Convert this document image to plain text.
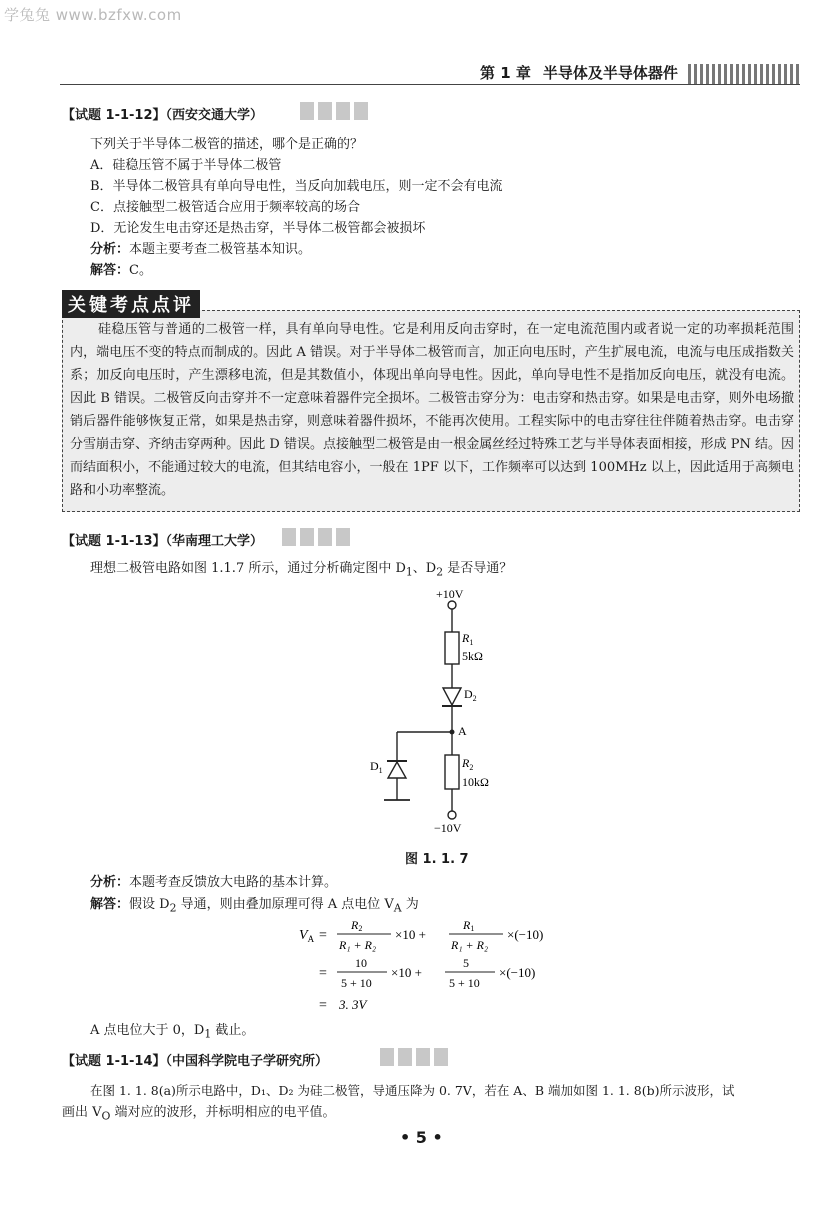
学兔兔 www.bzfxw.com
第 1 章 半导体及半导体器件
【试题 1-1-12】（西安交通大学）
下列关于半导体二极管的描述，哪个是正确的？
A．硅稳压管不属于半导体二极管
B．半导体二极管具有单向导电性，当反向加载电压，则一定不会有电流
C．点接触型二极管适合应用于频率较高的场合
D．无论发生电击穿还是热击穿，半导体二极管都会被损坏
分析：本题主要考查二极管基本知识。
解答：C。
关键考点点评
硅稳压管与普通的二极管一样，具有单向导电性。它是利用反向击穿时，在一定电流范围内或者说一定的功率损耗范围内，端电压不变的特点而制成的。因此 A 错误。对于半导体二极管而言，加正向电压时，产生扩展电流，电流与电压成指数关系；加反向电压时，产生漂移电流，但是其数值小，体现出单向导电性。因此，单向导电性不是指加反向电压，就没有电流。因此 B 错误。二极管反向击穿并不一定意味着器件完全损坏。二极管击穿分为：电击穿和热击穿。如果是电击穿，则外电场撤销后器件能够恢复正常，如果是热击穿，则意味着器件损坏，不能再次使用。工程实际中的电击穿往往伴随着热击穿。电击穿分雪崩击穿、齐纳击穿两种。因此 D 错误。点接触型二极管是由一根金属丝经过特殊工艺与半导体表面相接，形成 PN 结。因而结面积小，不能通过较大的电流，但其结电容小，一般在 1PF 以下，工作频率可以达到 100MHz 以上，因此适用于高频电路和小功率整流。
【试题 1-1-13】（华南理工大学）
理想二极管电路如图 1.1.7 所示，通过分析确定图中 $D_1$、$D_2$ 是否导通？
+10V
$R_1$
5kΩ
$D_2$
A
$D_1$
$R_2$
10kΩ
−10V
图 1. 1. 7
分析：本题考查反馈放大电路的基本计算。
解答：假设 $D_2$ 导通，则由叠加原理可得 A 点电位 $V_A$ 为
$V_A$ =
R2
R₁ + R₂
×10 +
R1
R₁ + R₂
×(−10)
=
10
5 + 10
×10 +
5
5 + 10
×(−10)
= 3. 3V
A 点电位大于 0，$D_1$ 截止。
【试题 1-1-14】（中国科学院电子学研究所）
在图 1. 1. 8(a)所示电路中，D₁、D₂ 为硅二极管，导通压降为 0. 7V，若在 A、B 端加如图 1. 1. 8(b)所示波形，试
画出 $V_O$ 端对应的波形，并标明相应的电平值。
• 5 •
